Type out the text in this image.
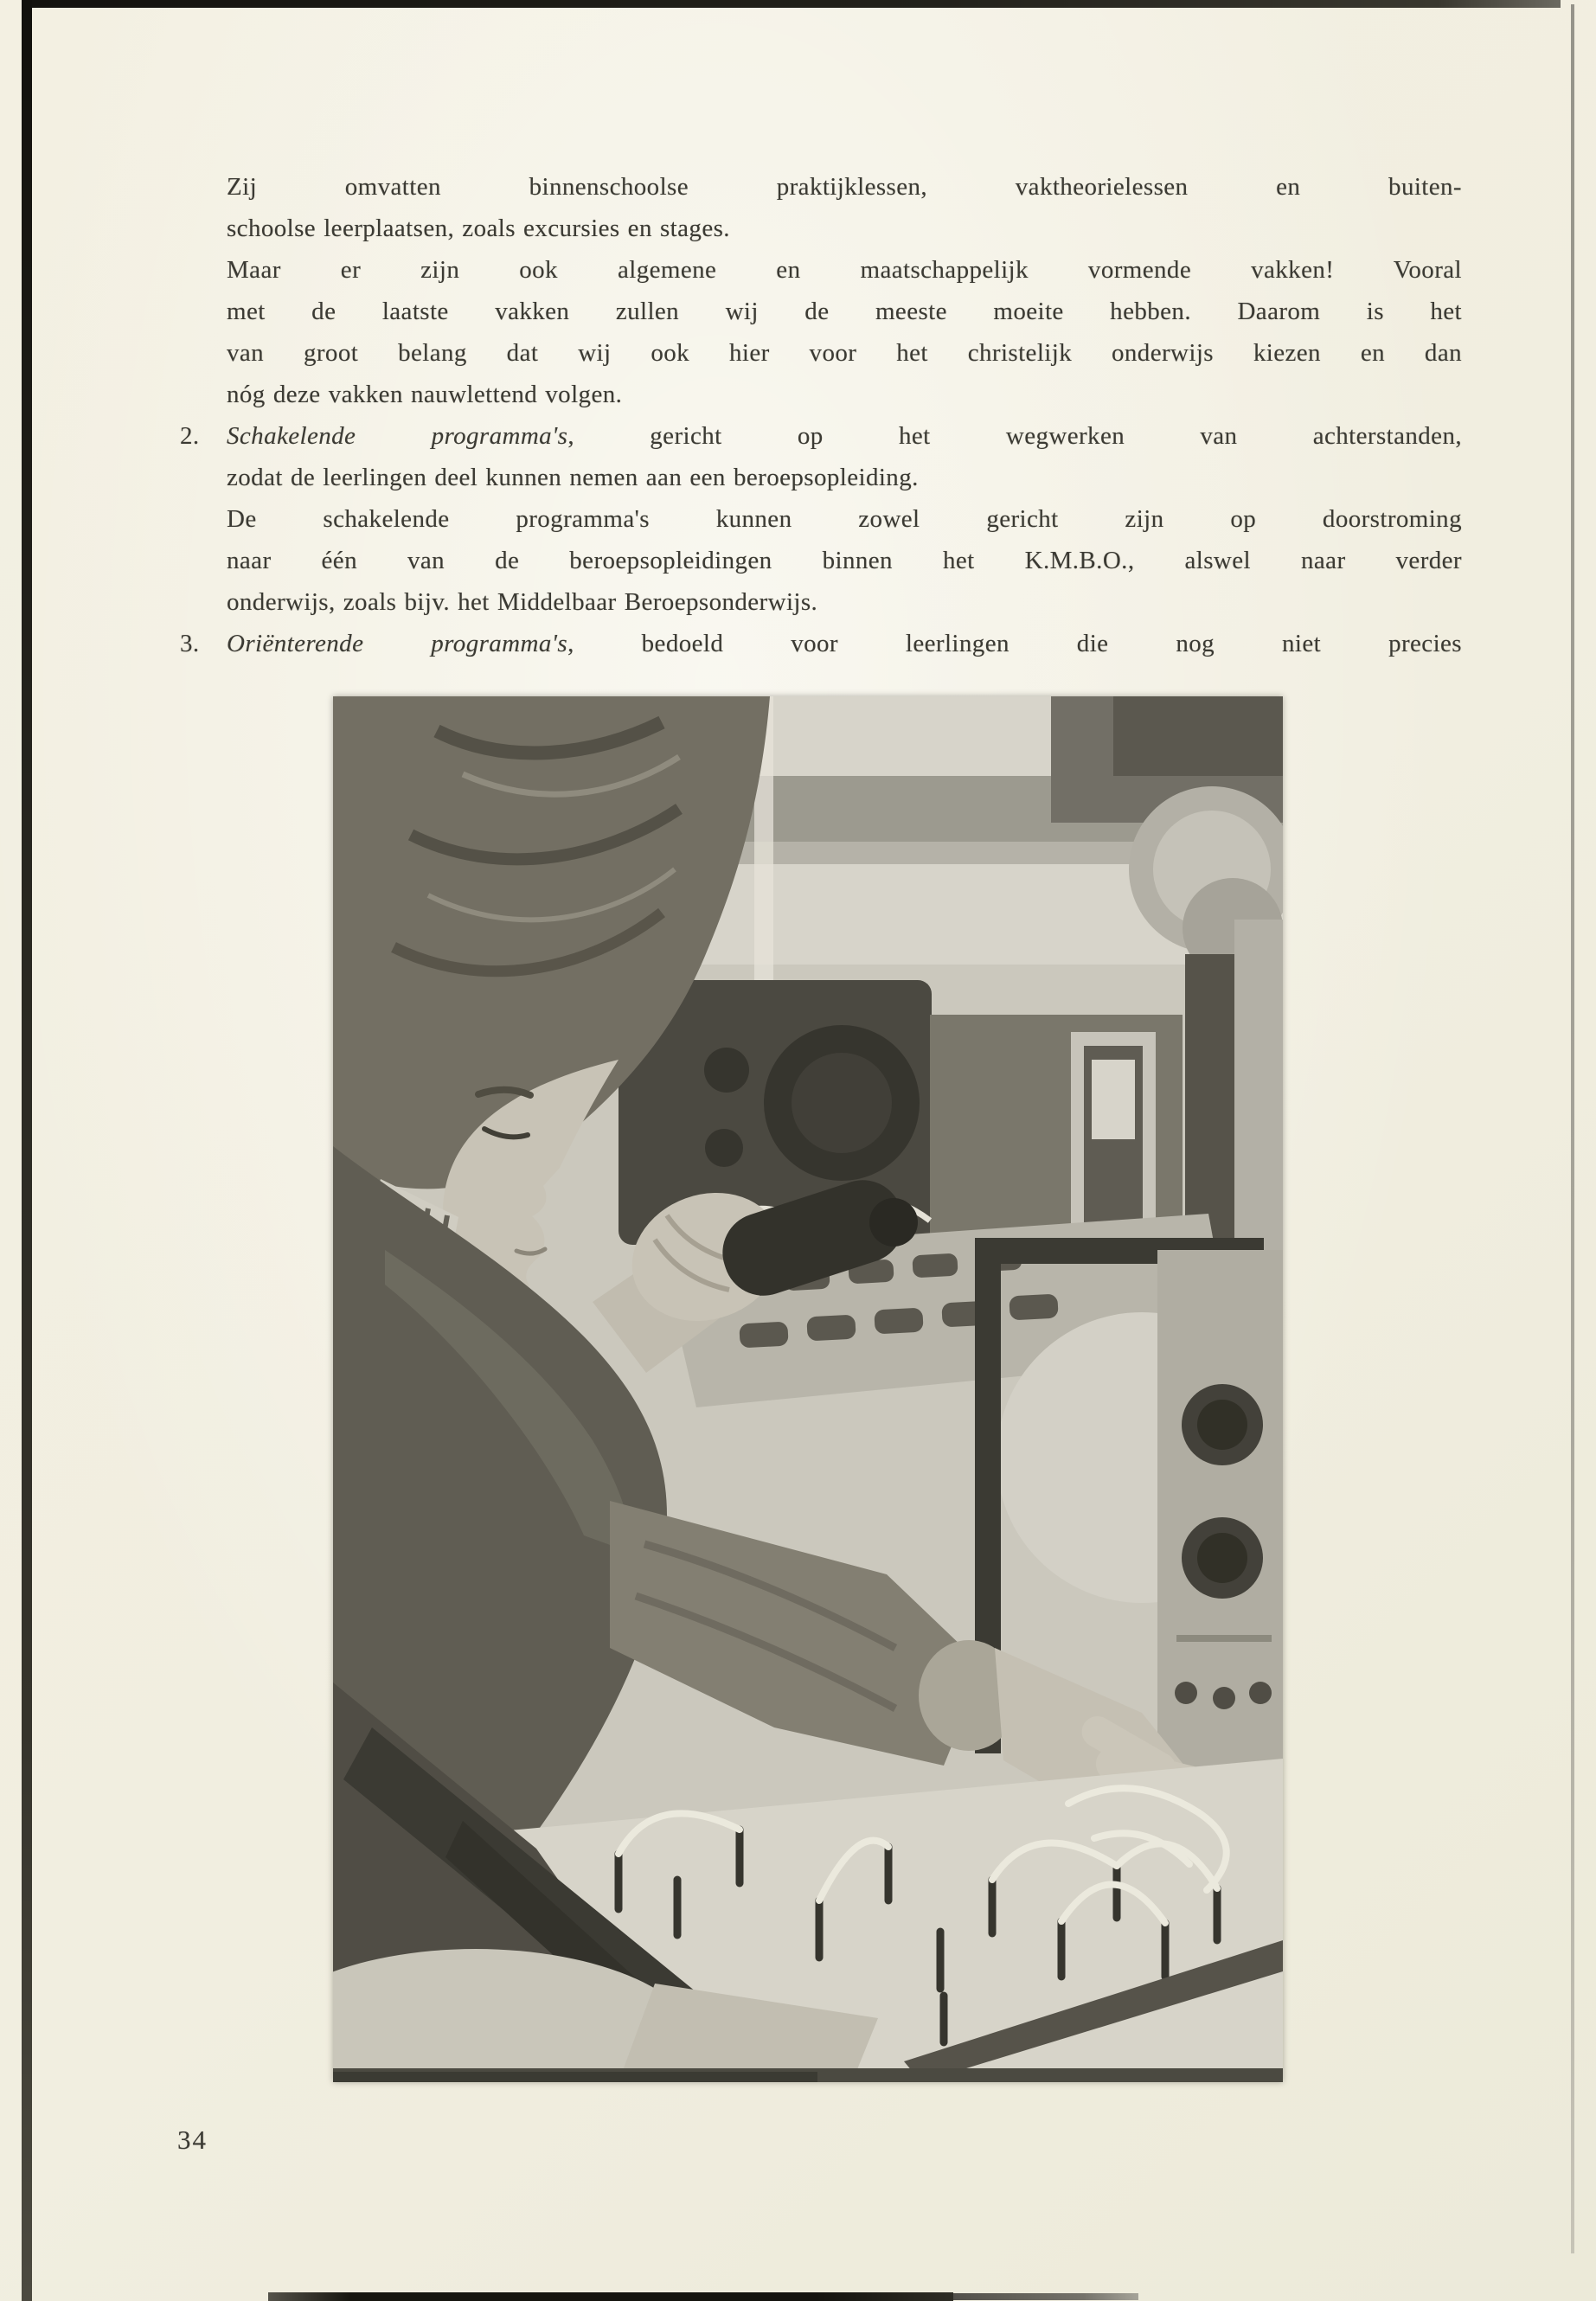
Zij omvatten binnenschoolse praktijklessen, vaktheorielessen en buiten-
schoolse leerplaatsen, zoals excursies en stages.
Maar er zijn ook algemene en maatschappelijk vormende vakken! Vooral
met de laatste vakken zullen wij de meeste moeite hebben. Daarom is het
van groot belang dat wij ook hier voor het christelijk onderwijs kiezen en dan
nóg deze vakken nauwlettend volgen.
2. Schakelende programma's, gericht op het wegwerken van achterstanden,
zodat de leerlingen deel kunnen nemen aan een beroepsopleiding.
De schakelende programma's kunnen zowel gericht zijn op doorstroming
naar één van de beroepsopleidingen binnen het K.M.B.O., alswel naar verder
onderwijs, zoals bijv. het Middelbaar Beroepsonderwijs.
3. Oriënterende programma's, bedoeld voor leerlingen die nog niet precies
34
